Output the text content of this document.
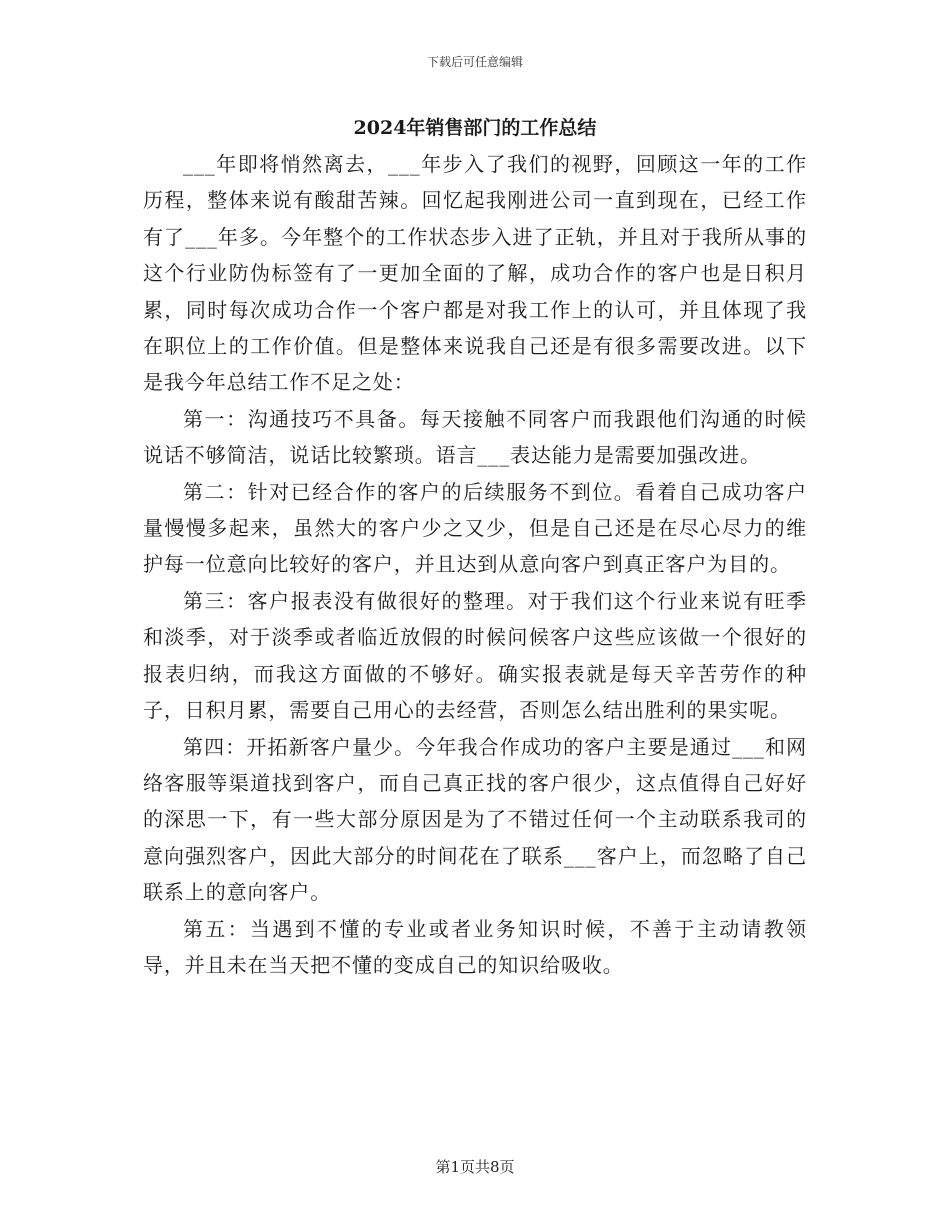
下载后可任意编辑
2024年销售部门的工作总结

___年即将悄然离去，___年步入了我们的视野，回顾这一年的工作历程，整体来说有酸甜苦辣。回忆起我刚进公司一直到现在，已经工作有了___年多。今年整个的工作状态步入进了正轨，并且对于我所从事的这个行业防伪标签有了一更加全面的了解，成功合作的客户也是日积月累，同时每次成功合作一个客户都是对我工作上的认可，并且体现了我在职位上的工作价值。但是整体来说我自己还是有很多需要改进。以下是我今年总结工作不足之处：

第一：沟通技巧不具备。每天接触不同客户而我跟他们沟通的时候说话不够简洁，说话比较繁琐。语言___表达能力是需要加强改进。

第二：针对已经合作的客户的后续服务不到位。看着自己成功客户量慢慢多起来，虽然大的客户少之又少，但是自己还是在尽心尽力的维护每一位意向比较好的客户，并且达到从意向客户到真正客户为目的。

第三：客户报表没有做很好的整理。对于我们这个行业来说有旺季和淡季，对于淡季或者临近放假的时候问候客户这些应该做一个很好的报表归纳，而我这方面做的不够好。确实报表就是每天辛苦劳作的种子，日积月累，需要自己用心的去经营，否则怎么结出胜利的果实呢。

第四：开拓新客户量少。今年我合作成功的客户主要是通过___和网络客服等渠道找到客户，而自己真正找的客户很少，这点值得自己好好的深思一下，有一些大部分原因是为了不错过任何一个主动联系我司的意向强烈客户，因此大部分的时间花在了联系___客户上，而忽略了自己联系上的意向客户。

第五：当遇到不懂的专业或者业务知识时候，不善于主动请教领导，并且未在当天把不懂的变成自己的知识给吸收。

第1页共8页
